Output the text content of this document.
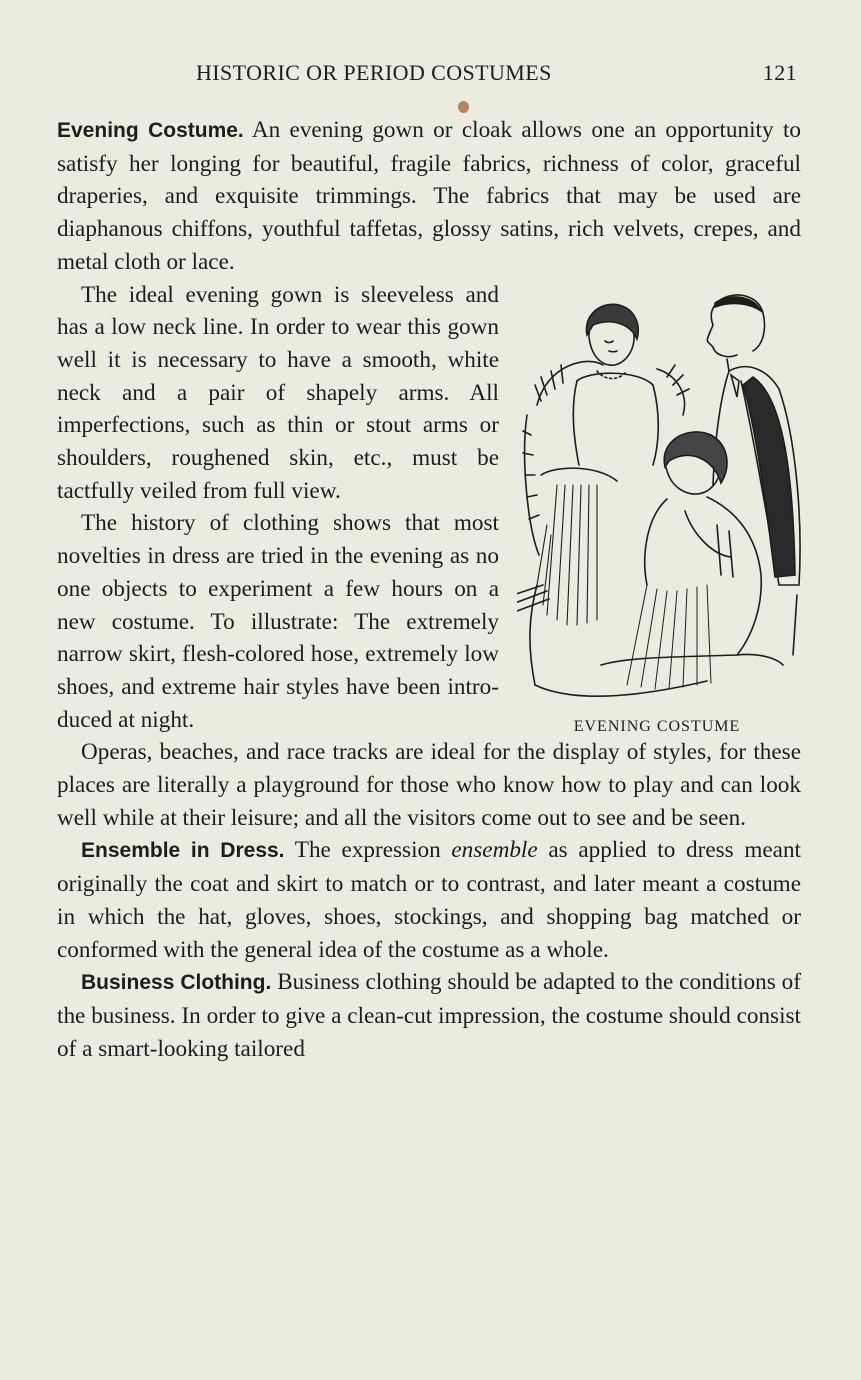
HISTORIC OR PERIOD COSTUMES	121

Evening Costume. An evening gown or cloak allows one an opportunity to satisfy her longing for beautiful, fragile fabrics, richness of color, graceful draperies, and exquisite trimmings. The fabrics that may be used are diaphanous chiffons, youthful taffetas, glossy satins, rich velvets, crepes, and metal cloth or lace.

EVENING COSTUME

The ideal evening gown is sleeveless and has a low neck line. In order to wear this gown well it is necessary to have a smooth, white neck and a pair of shapely arms. All imperfections, such as thin or stout arms or shoulders, roughened skin, etc., must be tactfully veiled from full view.

The history of clothing shows that most novelties in dress are tried in the evening as no one objects to experiment a few hours on a new costume. To illustrate: The extremely narrow skirt, flesh-colored hose, extremely low shoes, and extreme hair styles have been introduced at night.

Operas, beaches, and race tracks are ideal for the display of styles, for these places are literally a playground for those who know how to play and can look well while at their leisure; and all the visitors come out to see and be seen.

Ensemble in Dress. The expression ensemble as applied to dress meant originally the coat and skirt to match or to contrast, and later meant a costume in which the hat, gloves, shoes, stockings, and shopping bag matched or conformed with the general idea of the costume as a whole.

Business Clothing. Business clothing should be adapted to the conditions of the business. In order to give a clean-cut impression, the costume should consist of a smart-looking tailored
